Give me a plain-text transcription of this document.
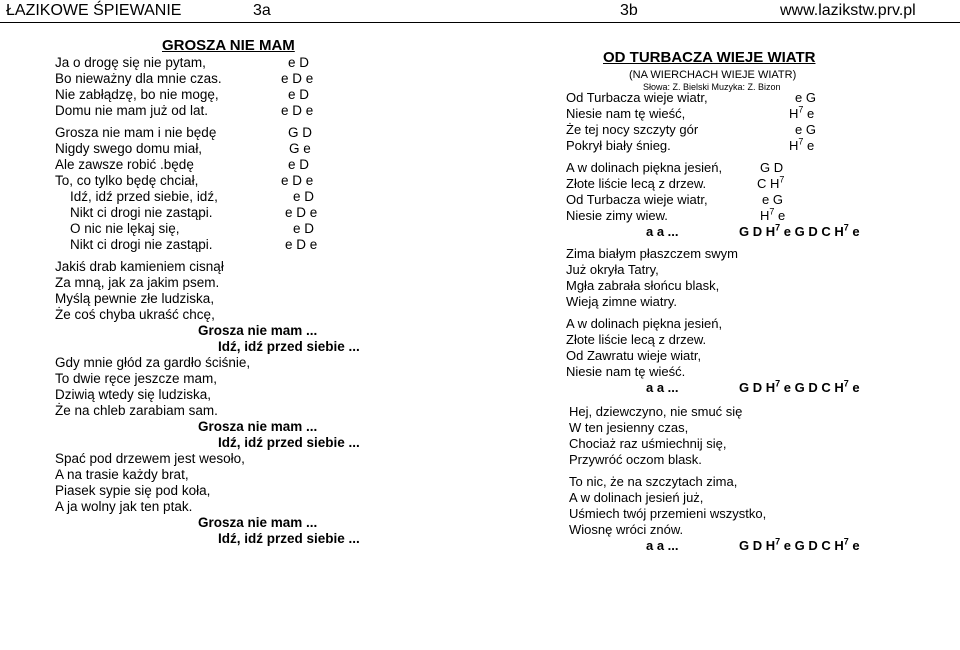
ŁAZIKOWE ŚPIEWANIE	3a	3b	www.lazikstw.prv.pl
GROSZA NIE MAM
Ja o drogę się nie pytam,	e D
Bo nieważny dla mnie czas.	e D e
Nie zabłądzę, bo nie mogę,	e D
Domu nie mam już od lat.	e D e
Grosza nie mam i nie będę	G D
Nigdy swego domu miał,	G e
Ale zawsze robić .będę	e D
To, co tylko będę chciał,	e D e
Idź, idź przed siebie, idź,	e D
Nikt ci drogi nie zastąpi.	e D e
O nic nie lękaj się,	e D
Nikt ci drogi nie zastąpi.	e D e
Jakiś drab kamieniem cisnął
Za mną, jak za jakim psem.
Myślą pewnie złe ludziska,
Że coś chyba ukraść chcę,
Grosza nie mam ...
Idź, idź przed siebie ...
Gdy mnie głód za gardło ściśnie,
To dwie ręce jeszcze mam,
Dziwią wtedy się ludziska,
Że na chleb zarabiam sam.
Grosza nie mam ...
Idź, idź przed siebie ...
Spać pod drzewem jest wesoło,
A na trasie każdy brat,
Piasek sypie się pod koła,
A ja wolny jak ten ptak.
Grosza nie mam ...
Idź, idź przed siebie ...
OD TURBACZA WIEJE WIATR
(NA WIERCHACH WIEJE WIATR)
Słowa: Z. Bielski Muzyka: Z. Bizon
Od Turbacza wieje wiatr,	e G
Niesie nam tę wieść,	$H^7$ e
Że tej nocy szczyty gór	e G
Pokrył biały śnieg.	$H^7$ e
A w dolinach piękna jesień,	G D
Złote liście lecą z drzew.	C $H^7$
Od Turbacza wieje wiatr,	e G
Niesie zimy wiew.	$H^7$ e
a a ...	G D $H^7$ e G D C $H^7$ e
Zima białym płaszczem swym
Już okryła Tatry,
Mgła zabrała słońcu blask,
Wieją zimne wiatry.
A w dolinach piękna jesień,
Złote liście lecą z drzew.
Od Zawratu wieje wiatr,
Niesie nam tę wieść.
a a ...	G D $H^7$ e G D C $H^7$ e
Hej, dziewczyno, nie smuć się
W ten jesienny czas,
Chociaż raz uśmiechnij się,
Przywróć oczom blask.
To nic, że na szczytach zima,
A w dolinach jesień już,
Uśmiech twój przemieni wszystko,
Wiosnę wróci znów.
a a ...	G D $H^7$ e G D C $H^7$ e
